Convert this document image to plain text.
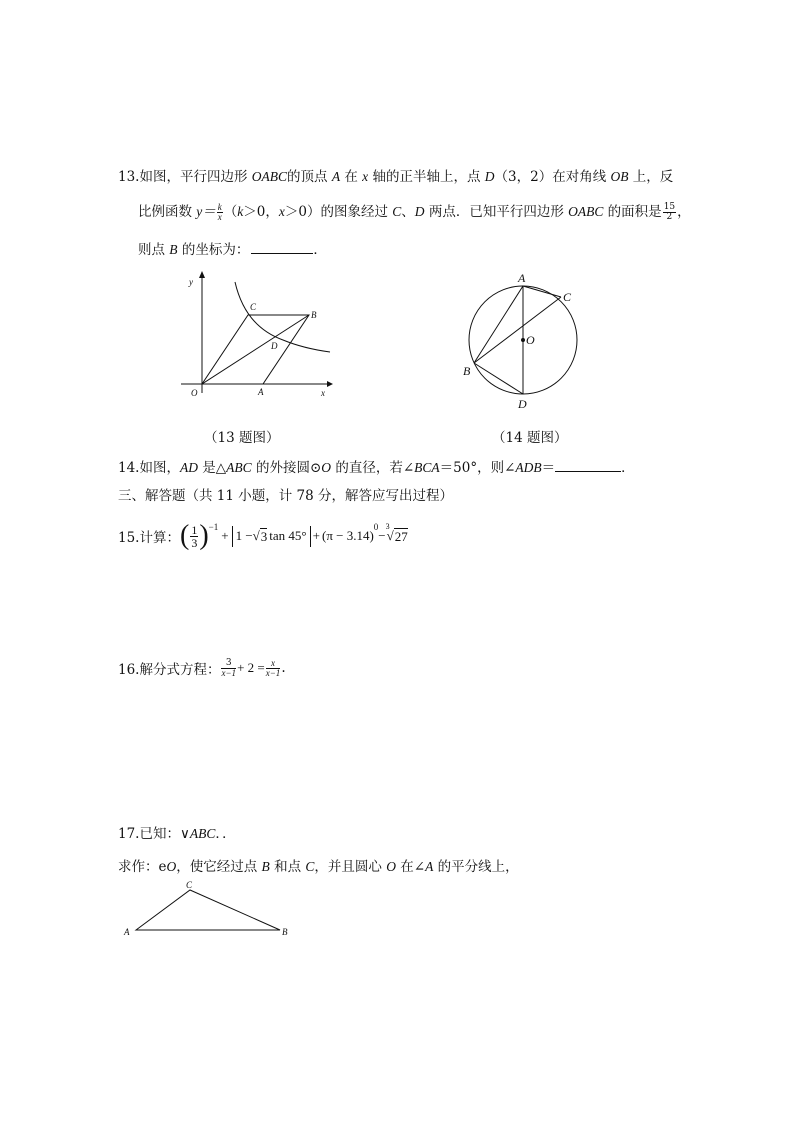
13.如图，平行四边形 OABC的顶点 A 在 x 轴的正半轴上，点 D（3，2）在对角线 OB 上，反
比例函数 $y= \frac{k}{x} (k>0$，x＞0）的图象经过 C、D 两点．已知平行四边形 OABC 的面积是 $\frac{15}{2}$ ，
则点 B 的坐标为：	．
y
x
O	A
B
C
D
A
C
O
B
D
（13 题图）	（14 题图）
14.如图，AD 是△ABC 的外接圆⊙O 的直径，若∠BCA＝50°，则∠ADB＝	．
三、解答题（共 11 小题，计 78 分，解答应写出过程）
15.计算： ( $\frac{1}{3} )^{-1}$
+ 1 − √ 3 tan 45° + (π − 3.14)
$^0$
−
$^3$
√ 27
16.解分式方程： $\frac{3}{x-1} + 2 = \frac{x}{x-1}$ .
17.已知：∨ABC．．
求作：eO，使它经过点 B 和点 C，并且圆心 O 在∠A 的平分线上，
C
A	B
